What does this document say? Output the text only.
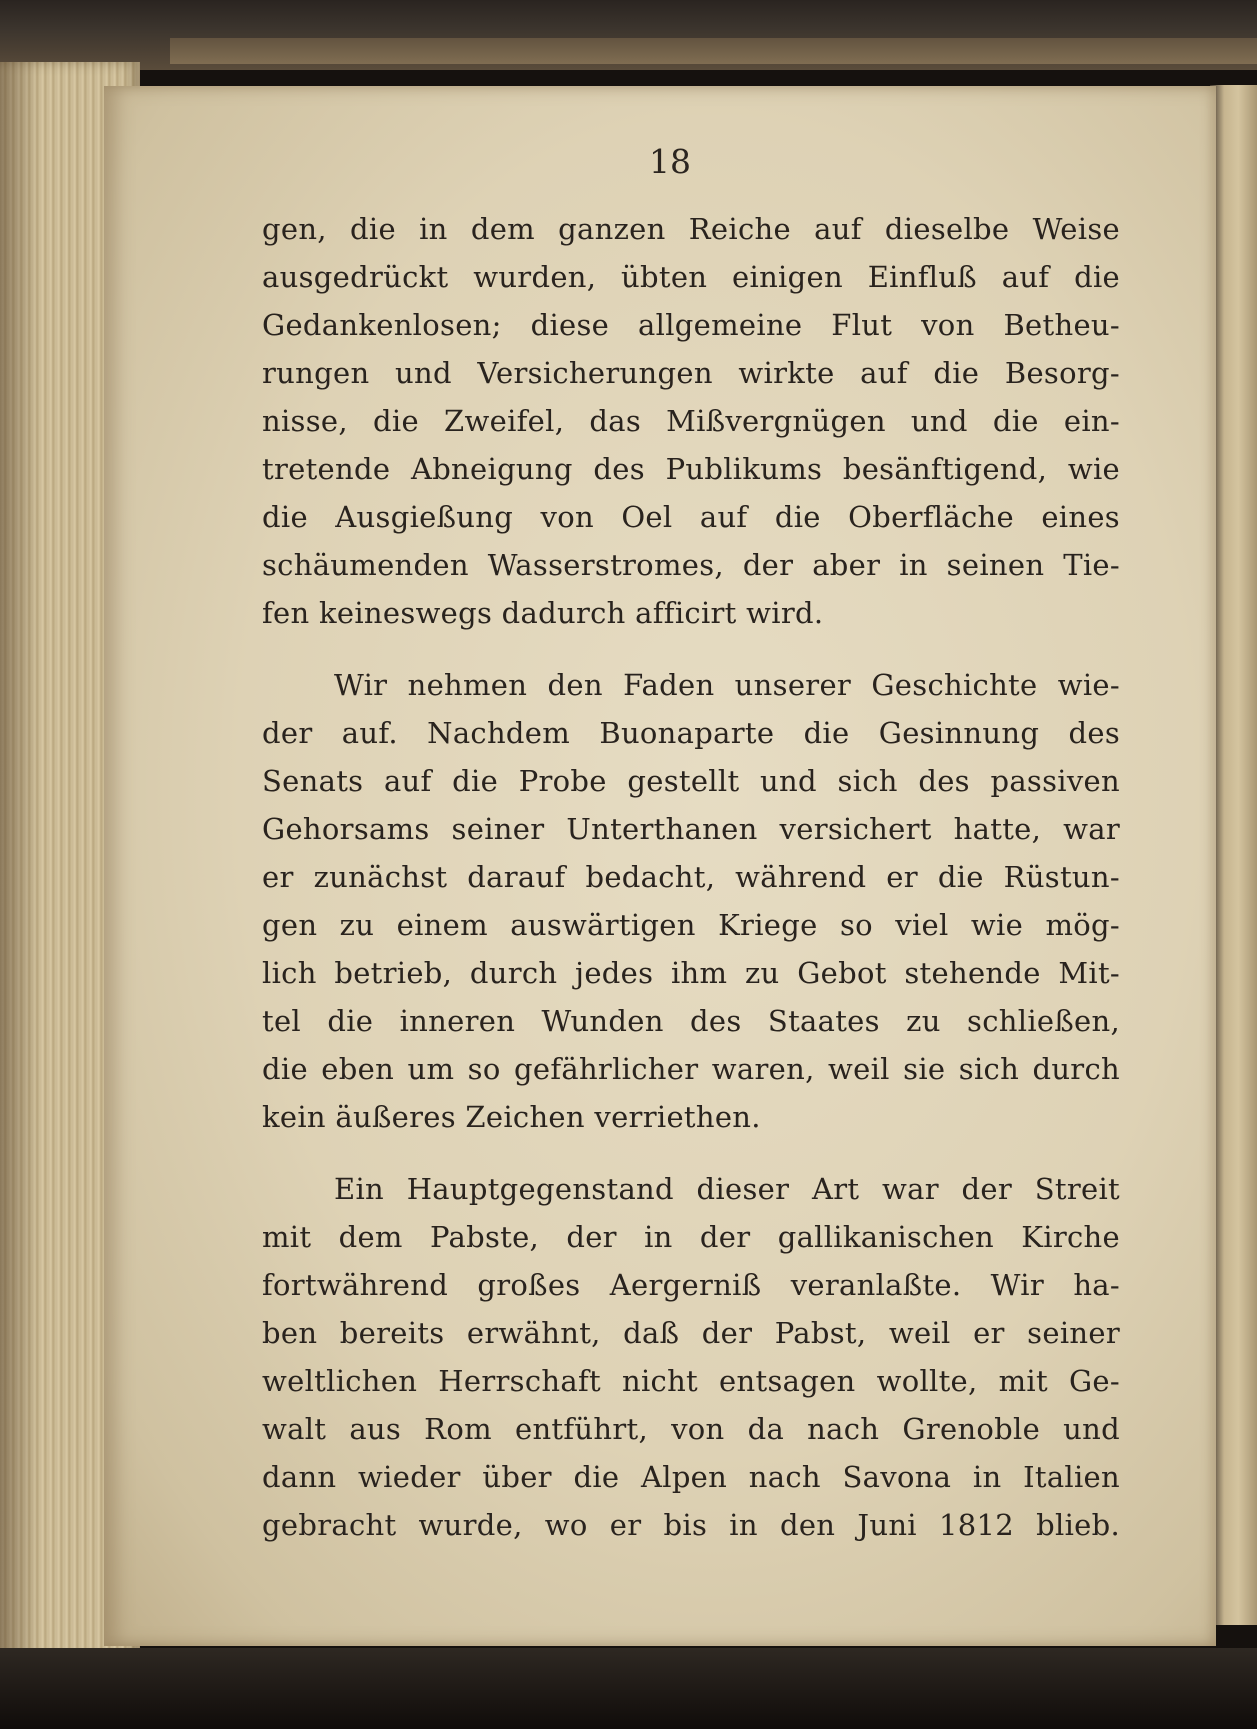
18
gen, die in dem ganzen Reiche auf dieselbe Weise
ausgedrückt wurden, übten einigen Einfluß auf die
Gedankenlosen; diese allgemeine Flut von Betheu-
rungen und Versicherungen wirkte auf die Besorg-
nisse, die Zweifel, das Mißvergnügen und die ein-
tretende Abneigung des Publikums besänftigend, wie
die Ausgießung von Oel auf die Oberfläche eines
schäumenden Wasserstromes, der aber in seinen Tie-
fen keineswegs dadurch afficirt wird.
Wir nehmen den Faden unserer Geschichte wie-
der auf. Nachdem Buonaparte die Gesinnung des
Senats auf die Probe gestellt und sich des passiven
Gehorsams seiner Unterthanen versichert hatte, war
er zunächst darauf bedacht, während er die Rüstun-
gen zu einem auswärtigen Kriege so viel wie mög-
lich betrieb, durch jedes ihm zu Gebot stehende Mit-
tel die inneren Wunden des Staates zu schließen,
die eben um so gefährlicher waren, weil sie sich durch
kein äußeres Zeichen verriethen.
Ein Hauptgegenstand dieser Art war der Streit
mit dem Pabste, der in der gallikanischen Kirche
fortwährend großes Aergerniß veranlaßte. Wir ha-
ben bereits erwähnt, daß der Pabst, weil er seiner
weltlichen Herrschaft nicht entsagen wollte, mit Ge-
walt aus Rom entführt, von da nach Grenoble und
dann wieder über die Alpen nach Savona in Italien
gebracht wurde, wo er bis in den Juni 1812 blieb.
